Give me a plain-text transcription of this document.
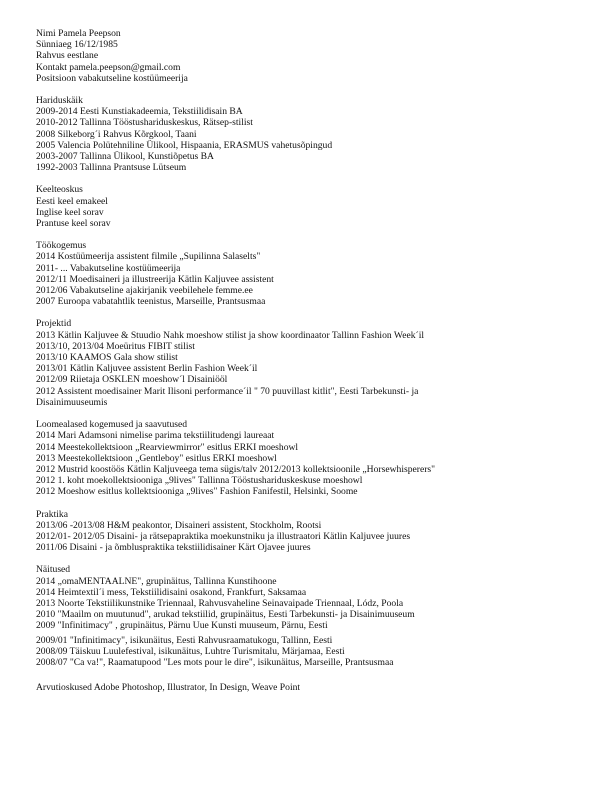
Nimi Pamela Peepson
Sünniaeg 16/12/1985
Rahvus eestlane
Kontakt pamela.peepson@gmail.com
Positsioon vabakutseline kostüümeerija
Hariduskäik
2009-2014 Eesti Kunstiakadeemia, Tekstiilidisain BA
2010-2012 Tallinna Tööstushariduskeskus, Rätsep-stilist
2008 Silkeborg´i Rahvus Kõrgkool, Taani
2005 Valencia Polütehniline Ülikool, Hispaania, ERASMUS vahetusõpingud
2003-2007 Tallinna Ülikool, Kunstiõpetus BA
1992-2003 Tallinna Prantsuse Lütseum
Keelteoskus
Eesti keel emakeel
Inglise keel sorav
Prantuse keel sorav
Töökogemus
2014 Kostüümeerija assistent filmile „Supilinna Salaselts"
2011- ... Vabakutseline kostüümeerija
2012/11 Moedisaineri ja illustreerija Kätlin Kaljuvee assistent
2012/06 Vabakutseline ajakirjanik veebilehele femme.ee
2007 Euroopa vabatahtlik teenistus, Marseille, Prantsusmaa
Projektid
2013 Kätlin Kaljuvee & Stuudio Nahk moeshow stilist ja show koordinaator Tallinn Fashion Week´il
2013/10, 2013/04 Moeüritus FIBIT stilist
2013/10 KAAMOS Gala show stilist
2013/01 Kätlin Kaljuvee assistent Berlin Fashion Week´il
2012/09 Riietaja OSKLEN moeshow´l Disainiööl
2012 Assistent moedisainer Marit Ilisoni performance´il " 70 puuvillast kitlit", Eesti Tarbekunsti- ja Disainimuuseumis
Loomealased kogemused ja saavutused
2014 Mari Adamsoni nimelise parima tekstiilitudengi laureaat
2014 Meestekollektsioon „Rearviewmirror" esitlus ERKI moeshowl
2013 Meestekollektsioon „Gentleboy" esitlus ERKI moeshowl
2012 Mustrid koostöös Kätlin Kaljuveega tema sügis/talv 2012/2013 kollektsioonile „Horsewhisperers"
2012 1. koht moekollektsiooniga „9lives" Tallinna Tööstushariduskeskuse moeshowl
2012 Moeshow esitlus kollektsiooniga „9lives" Fashion Fanifestil, Helsinki, Soome
Praktika
2013/06 -2013/08 H&M peakontor, Disaineri assistent, Stockholm, Rootsi
2012/01- 2012/05 Disaini- ja rätsepapraktika moekunstniku ja illustraatori Kätlin Kaljuvee juures
2011/06 Disaini - ja õmbluspraktika tekstiilidisainer Kärt Ojavee juures
Näitused
2014 „omaMENTAALNE", grupinäitus, Tallinna Kunstihoone
2014 Heimtextil´i mess, Tekstiilidisaini osakond, Frankfurt, Saksamaa
2013 Noorte Tekstiilikunstnike Triennaal, Rahvusvaheline Seinavaipade Triennaal, Lódz, Poola
2010 "Maailm on muutunud", arukad tekstiilid, grupinäitus, Eesti Tarbekunsti- ja Disainimuuseum
2009 "Infinitimacy" , grupinäitus, Pärnu Uue Kunsti muuseum, Pärnu, Eesti
2009/01 "Infinitimacy", isikunäitus, Eesti Rahvusraamatukogu, Tallinn, Eesti
2008/09 Täiskuu Luulefestival, isikunäitus, Luhtre Turismitalu, Märjamaa, Eesti
2008/07 "Ca va!", Raamatupood "Les mots pour le dire", isikunäitus, Marseille, Prantsusmaa
Arvutioskused Adobe Photoshop, Illustrator, In Design, Weave Point
